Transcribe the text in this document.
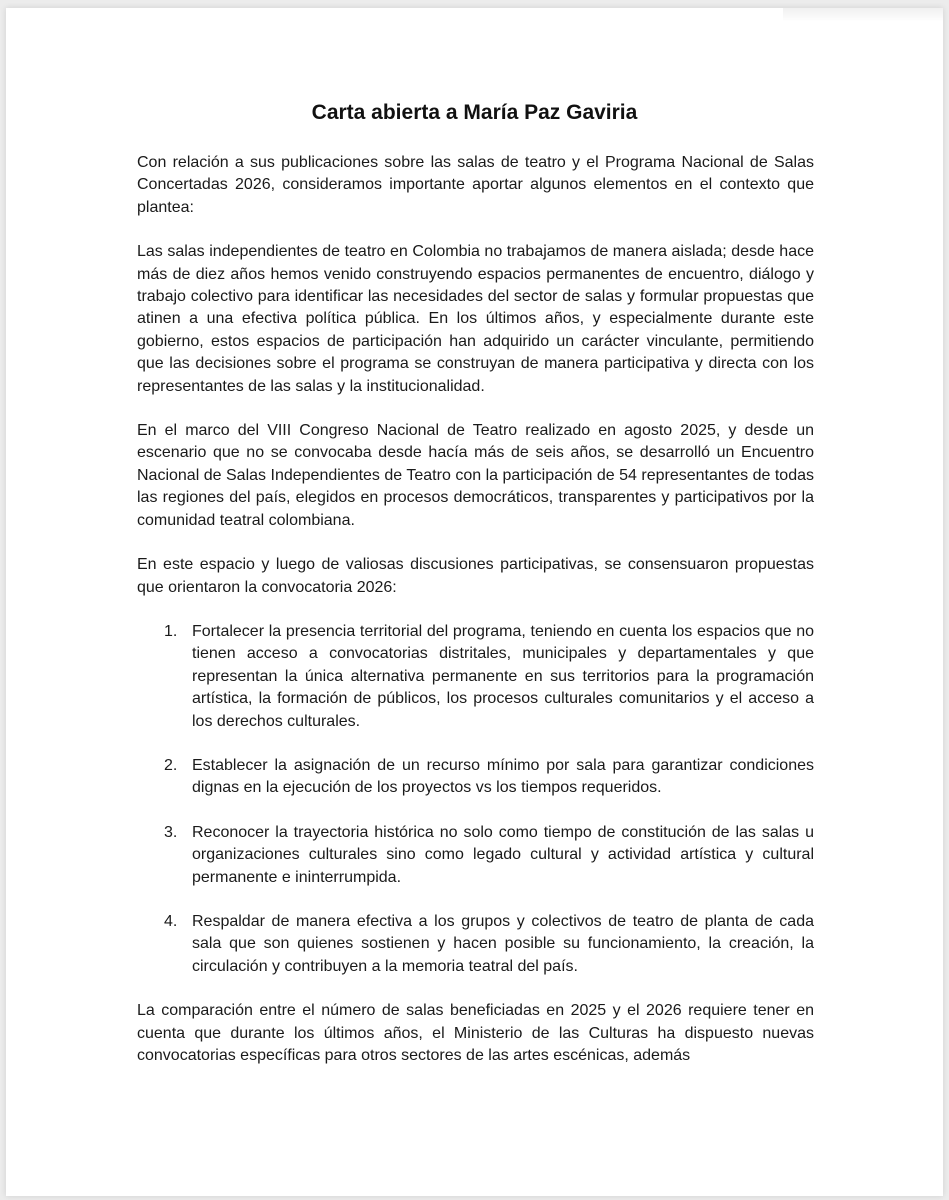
Carta abierta a María Paz Gaviria

Con relación a sus publicaciones sobre las salas de teatro y el Programa Nacional de Salas Concertadas 2026, consideramos importante aportar algunos elementos en el contexto que plantea:

Las salas independientes de teatro en Colombia no trabajamos de manera aislada; desde hace más de diez años hemos venido construyendo espacios permanentes de encuentro, diálogo y trabajo colectivo para identificar las necesidades del sector de salas y formular propuestas que atinen a una efectiva política pública. En los últimos años, y especialmente durante este gobierno, estos espacios de participación han adquirido un carácter vinculante, permitiendo que las decisiones sobre el programa se construyan de manera participativa y directa con los representantes de las salas y la institucionalidad.

En el marco del VIII Congreso Nacional de Teatro realizado en agosto 2025, y desde un escenario que no se convocaba desde hacía más de seis años, se desarrolló un Encuentro Nacional de Salas Independientes de Teatro con la participación de 54 representantes de todas las regiones del país, elegidos en procesos democráticos, transparentes y participativos por la comunidad teatral colombiana.

En este espacio y luego de valiosas discusiones participativas, se consensuaron propuestas que orientaron la convocatoria 2026:

1. Fortalecer la presencia territorial del programa, teniendo en cuenta los espacios que no tienen acceso a convocatorias distritales, municipales y departamentales y que representan la única alternativa permanente en sus territorios para la programación artística, la formación de públicos, los procesos culturales comunitarios y el acceso a los derechos culturales.
2. Establecer la asignación de un recurso mínimo por sala para garantizar condiciones dignas en la ejecución de los proyectos vs los tiempos requeridos.
3. Reconocer la trayectoria histórica no solo como tiempo de constitución de las salas u organizaciones culturales sino como legado cultural y actividad artística y cultural permanente e ininterrumpida.
4. Respaldar de manera efectiva a los grupos y colectivos de teatro de planta de cada sala que son quienes sostienen y hacen posible su funcionamiento, la creación, la circulación y contribuyen a la memoria teatral del país.

La comparación entre el número de salas beneficiadas en 2025 y el 2026 requiere tener en cuenta que durante los últimos años, el Ministerio de las Culturas ha dispuesto nuevas convocatorias específicas para otros sectores de las artes escénicas, además
